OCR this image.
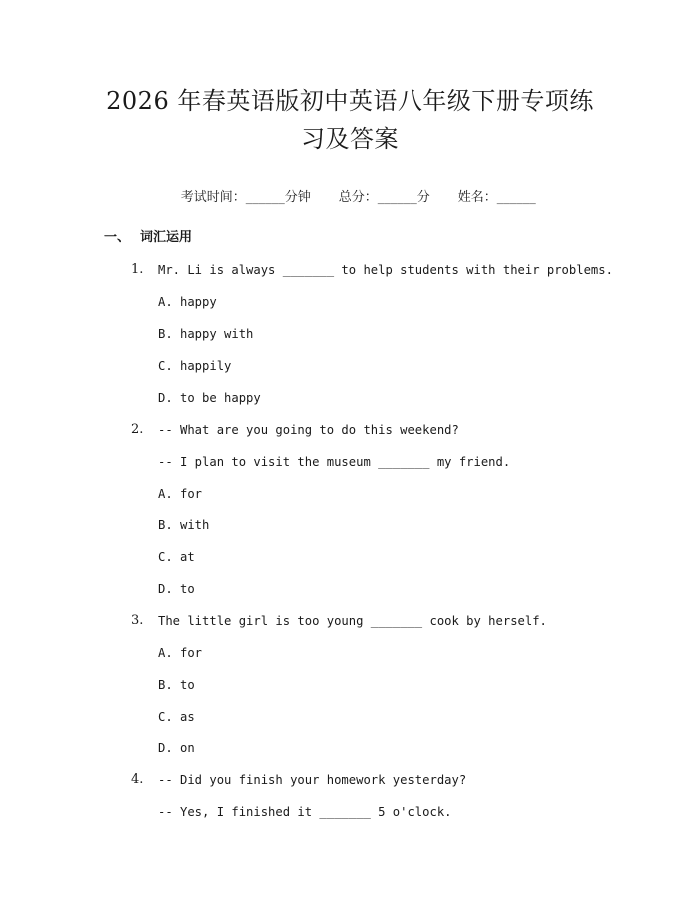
2026 年春英语版初中英语八年级下册专项练
习及答案

考试时间：______分钟 总分：______分 姓名：______

一、 词汇运用
1. Mr. Li is always _______ to help students with their problems.
A. happy
B. happy with
C. happily
D. to be happy
2. -- What are you going to do this weekend?
-- I plan to visit the museum _______ my friend.
A. for
B. with
C. at
D. to
3. The little girl is too young _______ cook by herself.
A. for
B. to
C. as
D. on
4. -- Did you finish your homework yesterday?
-- Yes, I finished it _______ 5 o'clock.
